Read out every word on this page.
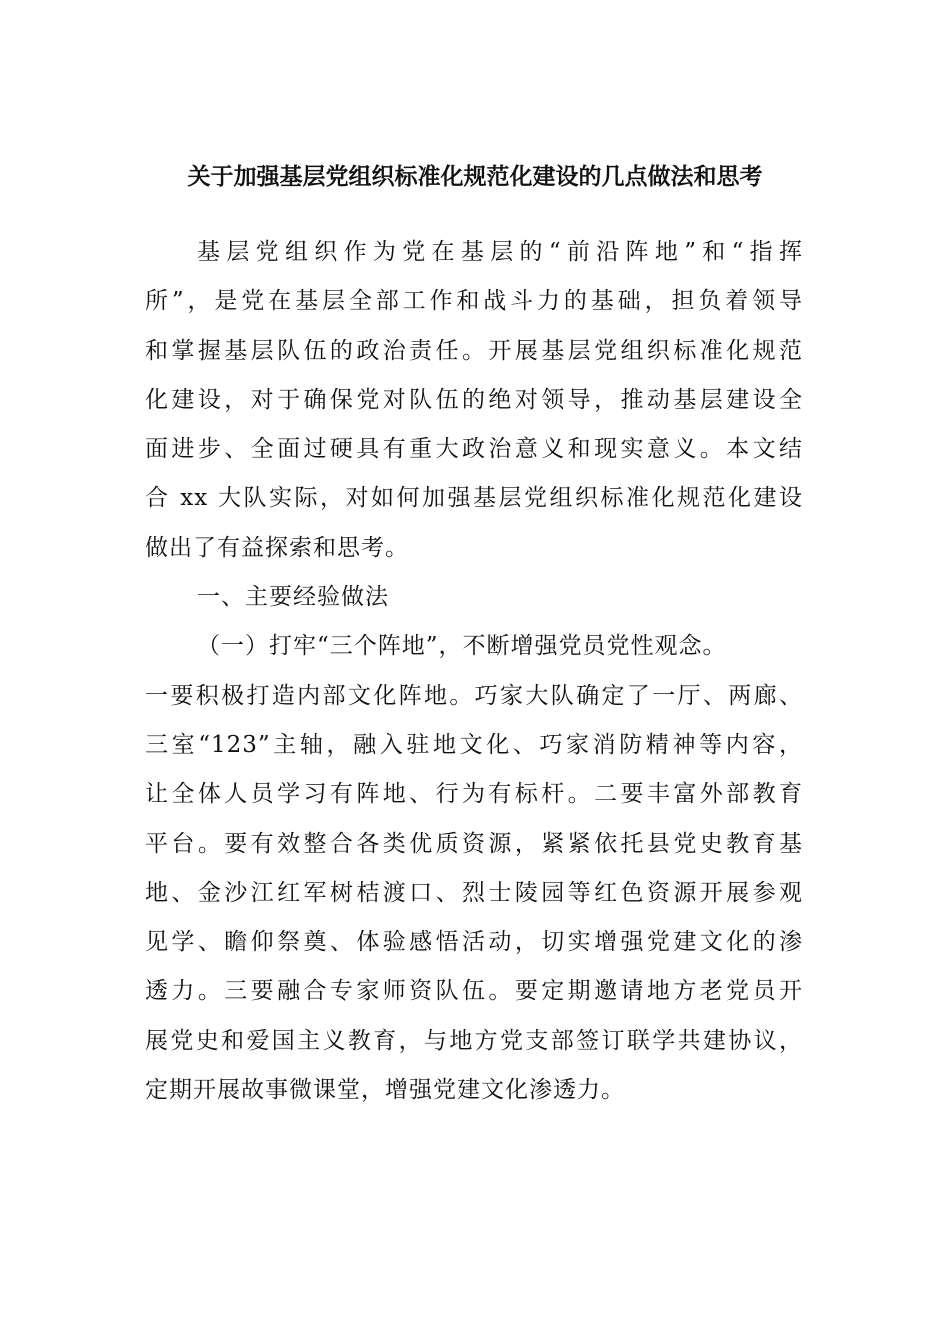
关于加强基层党组织标准化规范化建设的几点做法和思考
基层党组织作为党在基层的“前沿阵地”和“指挥
所”，是党在基层全部工作和战斗力的基础，担负着领导
和掌握基层队伍的政治责任。开展基层党组织标准化规范
化建设，对于确保党对队伍的绝对领导，推动基层建设全
面进步、全面过硬具有重大政治意义和现实意义。本文结
合 xx 大队实际，对如何加强基层党组织标准化规范化建设
做出了有益探索和思考。
一、主要经验做法
（一）打牢“三个阵地”，不断增强党员党性观念。
一要积极打造内部文化阵地。巧家大队确定了一厅、两廊、
三室“123”主轴，融入驻地文化、巧家消防精神等内容，
让全体人员学习有阵地、行为有标杆。二要丰富外部教育
平台。要有效整合各类优质资源，紧紧依托县党史教育基
地、金沙江红军树桔渡口、烈士陵园等红色资源开展参观
见学、瞻仰祭奠、体验感悟活动，切实增强党建文化的渗
透力。三要融合专家师资队伍。要定期邀请地方老党员开
展党史和爱国主义教育，与地方党支部签订联学共建协议，
定期开展故事微课堂，增强党建文化渗透力。
